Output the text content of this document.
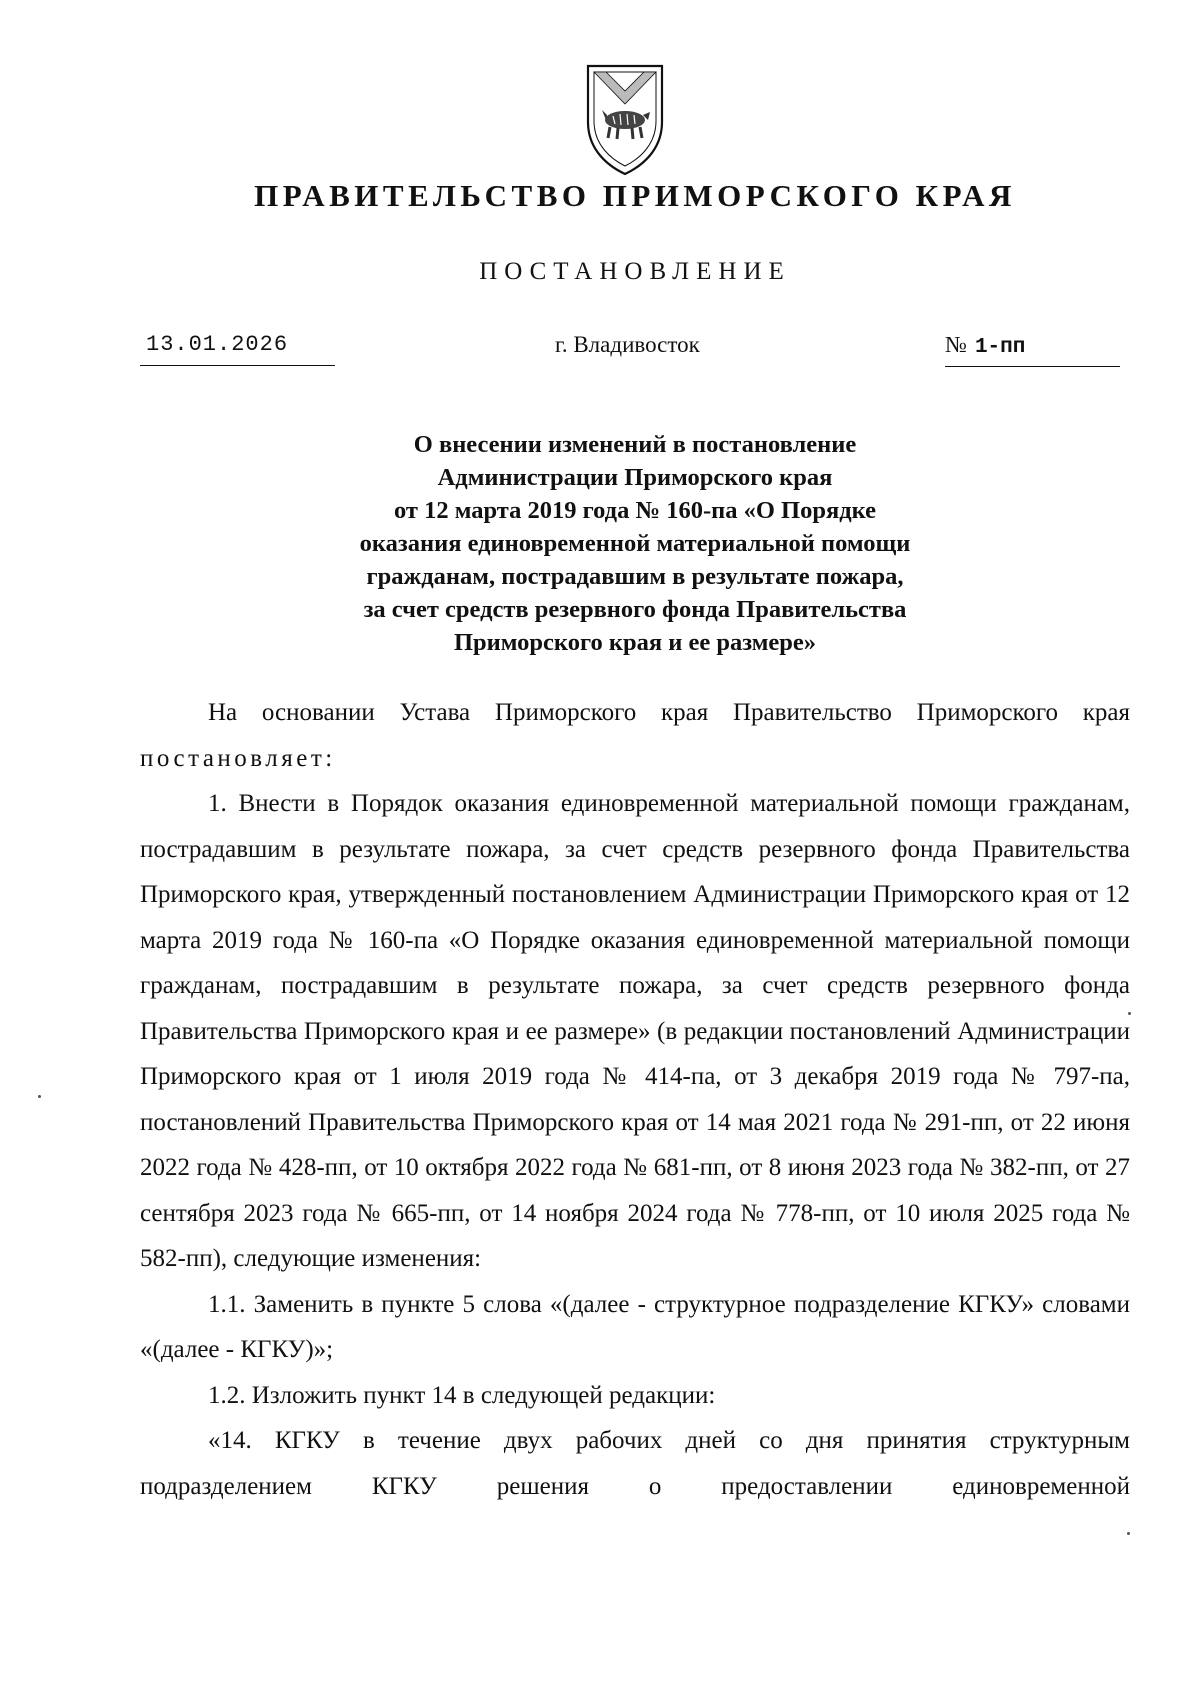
ПРАВИТЕЛЬСТВО ПРИМОРСКОГО КРАЯ
ПОСТАНОВЛЕНИЕ
13.01.2026	г. Владивосток	№ 1-пп
О внесении изменений в постановление
Администрации Приморского края
от 12 марта 2019 года № 160-па «О Порядке
оказания единовременной материальной помощи
гражданам, пострадавшим в результате пожара,
за счет средств резервного фонда Правительства
Приморского края и ее размере»

На основании Устава Приморского края Правительство Приморского края постановляет:

1. Внести в Порядок оказания единовременной материальной помощи гражданам, пострадавшим в результате пожара, за счет средств резервного фонда Правительства Приморского края, утвержденный постановлением Администрации Приморского края от 12 марта 2019 года № 160-па «О Порядке оказания единовременной материальной помощи гражданам, пострадавшим в результате пожара, за счет средств резервного фонда Правительства Приморского края и ее размере» (в редакции постановлений Администрации Приморского края от 1 июля 2019 года № 414-па, от 3 декабря 2019 года № 797-па, постановлений Правительства Приморского края от 14 мая 2021 года № 291-пп, от 22 июня 2022 года № 428-пп, от 10 октября 2022 года № 681-пп, от 8 июня 2023 года № 382-пп, от 27 сентября 2023 года № 665-пп, от 14 ноября 2024 года № 778-пп, от 10 июля 2025 года № 582-пп), следующие изменения:

1.1. Заменить в пункте 5 слова «(далее - структурное подразделение КГКУ» словами «(далее - КГКУ)»;

1.2. Изложить пункт 14 в следующей редакции:

«14. КГКУ в течение двух рабочих дней со дня принятия структурным подразделением КГКУ решения о предоставлении единовременной
